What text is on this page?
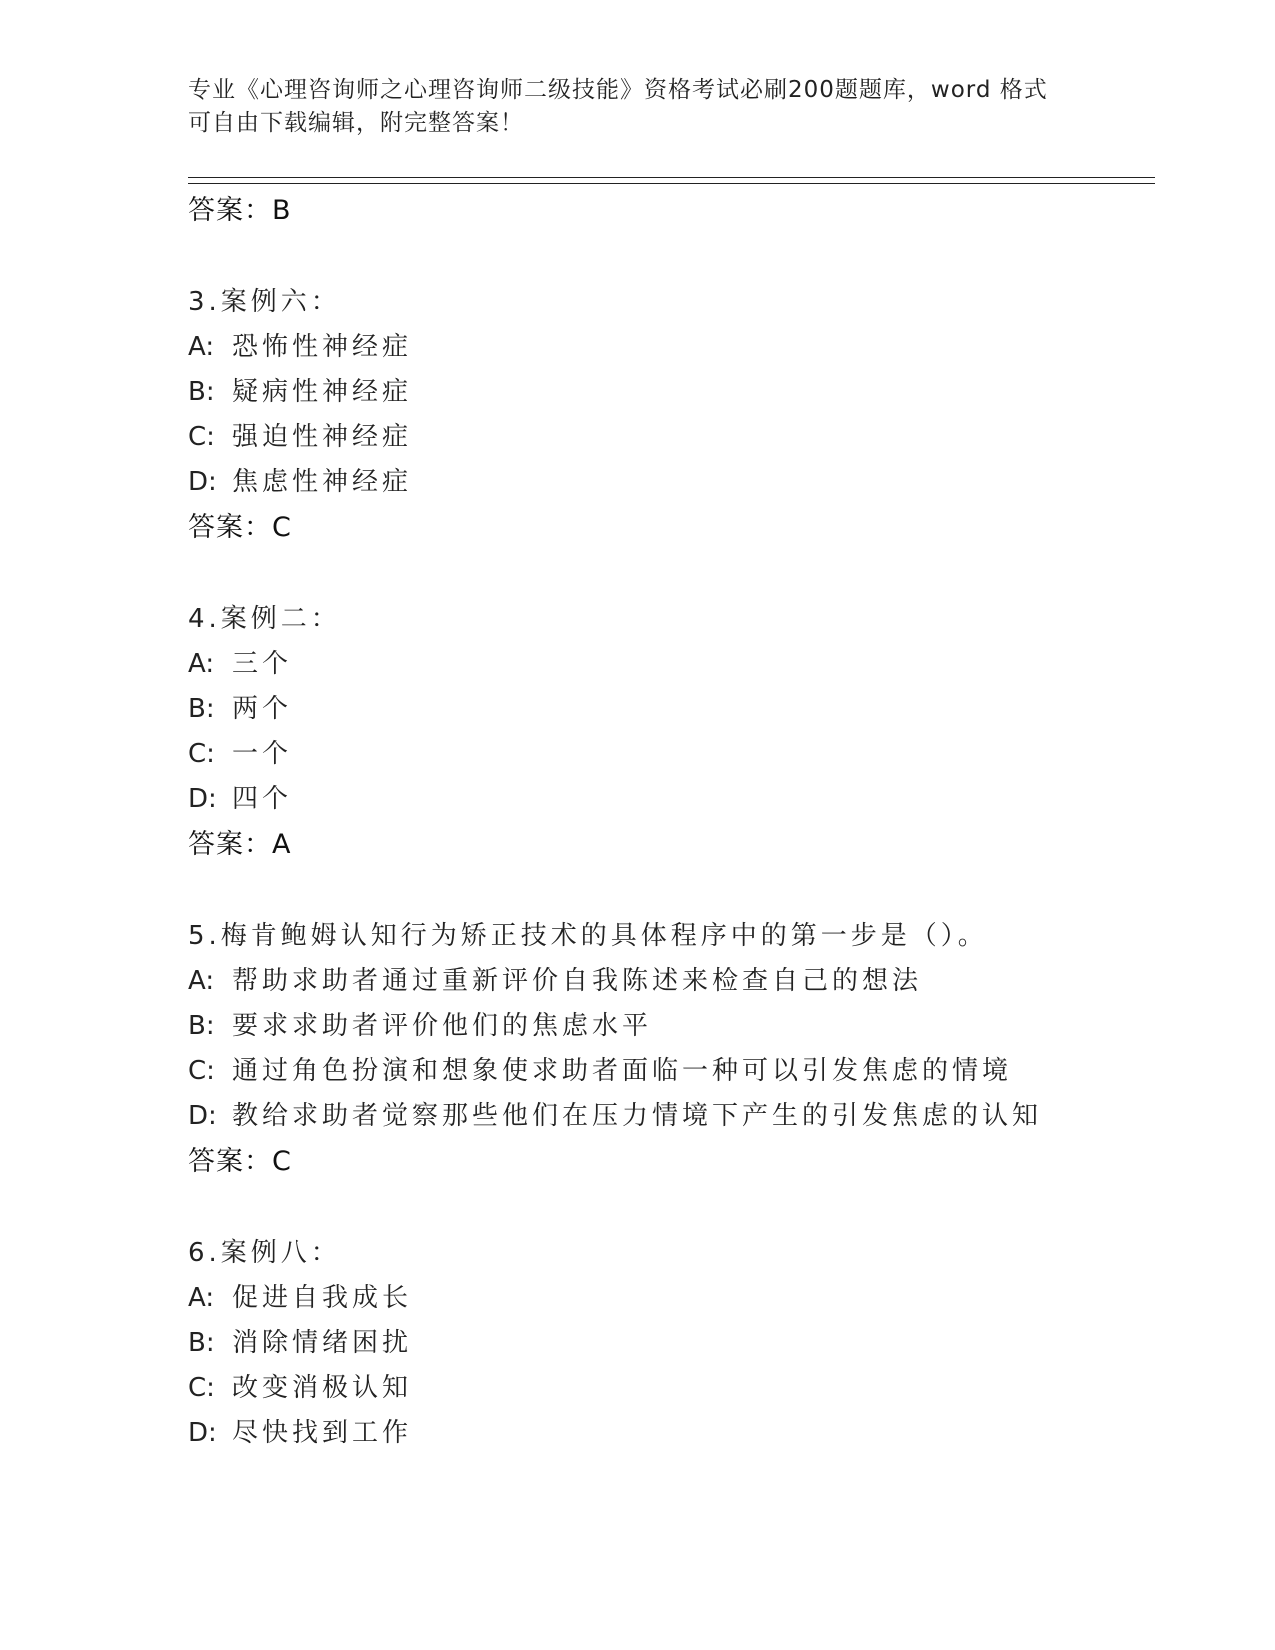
专业《心理咨询师之心理咨询师二级技能》资格考试必刷200题题库，word 格式
可自由下载编辑，附完整答案！
答案：B
3.案例六：
A: 恐怖性神经症
B: 疑病性神经症
C: 强迫性神经症
D: 焦虑性神经症
答案：C
4.案例二：
A: 三个
B: 两个
C: 一个
D: 四个
答案：A
5.梅肯鲍姆认知行为矫正技术的具体程序中的第一步是（）。
A: 帮助求助者通过重新评价自我陈述来检查自己的想法
B: 要求求助者评价他们的焦虑水平
C: 通过角色扮演和想象使求助者面临一种可以引发焦虑的情境
D: 教给求助者觉察那些他们在压力情境下产生的引发焦虑的认知
答案：C
6.案例八：
A: 促进自我成长
B: 消除情绪困扰
C: 改变消极认知
D: 尽快找到工作
